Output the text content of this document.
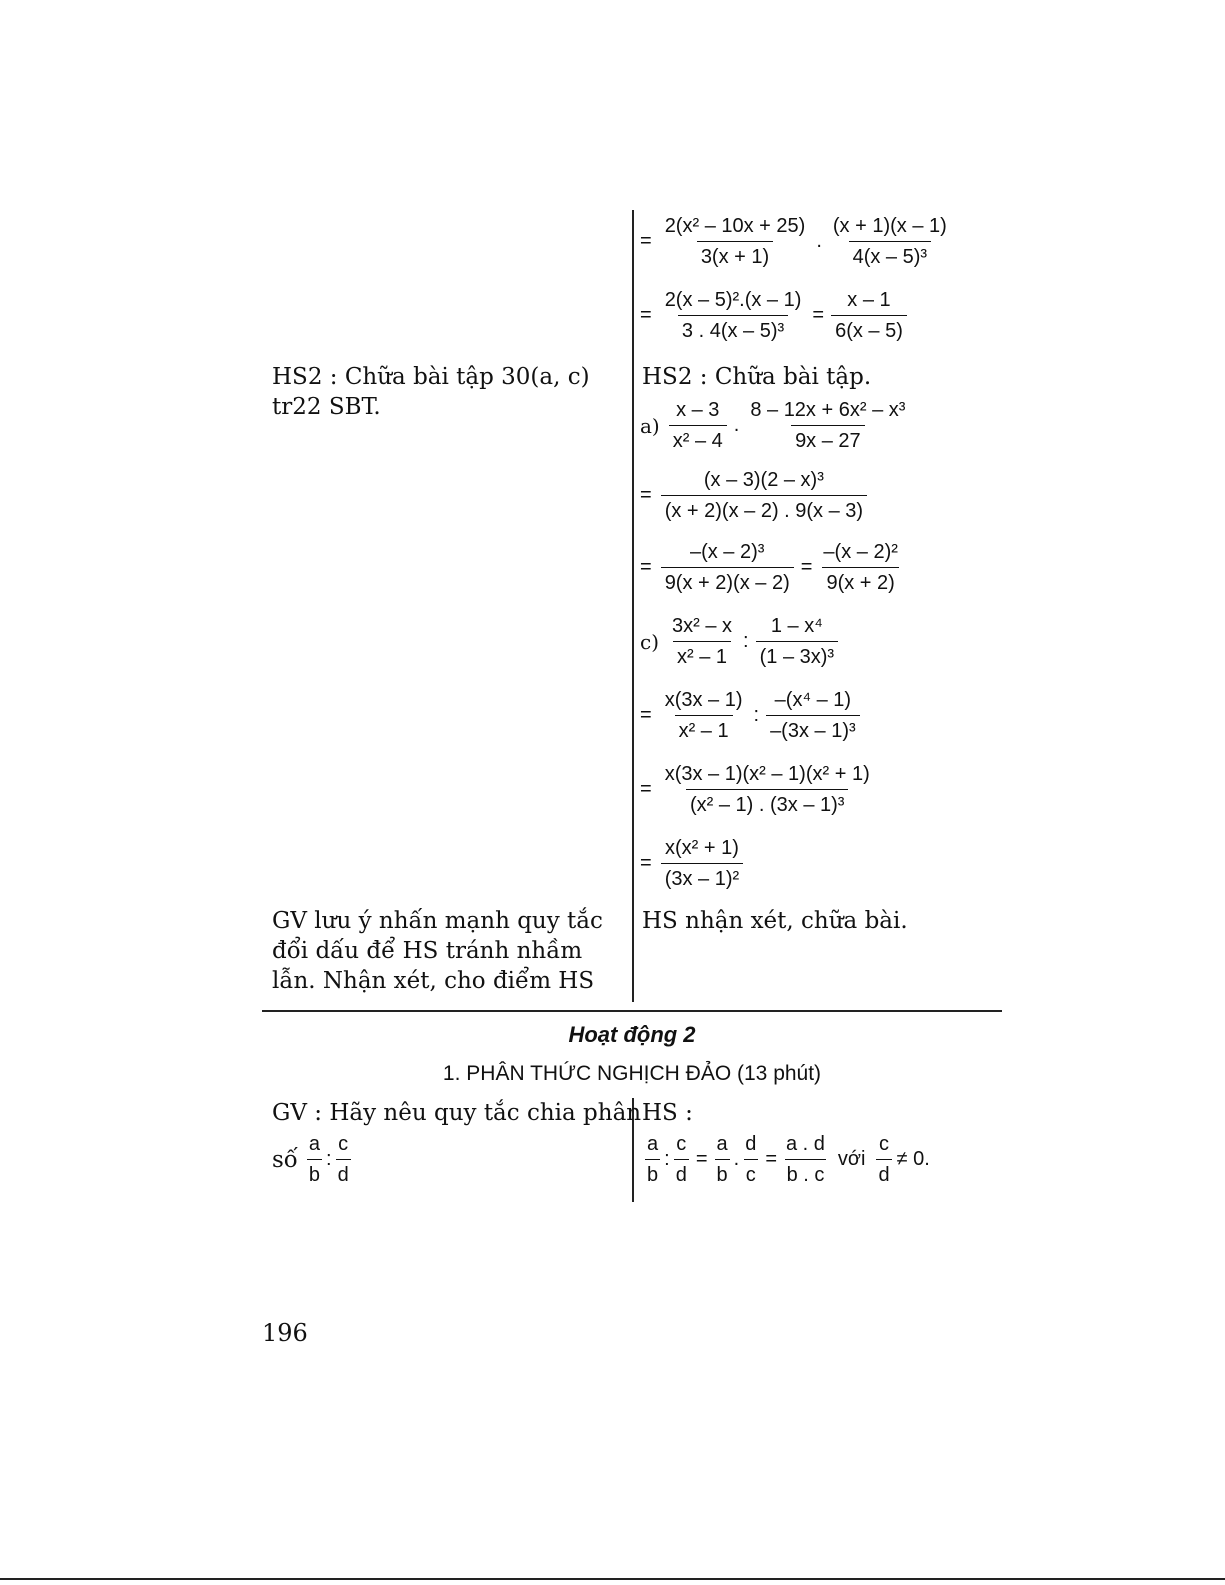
HS2 : Chữa bài tập 30(a, c) tr22 SBT.
GV lưu ý nhấn mạnh quy tắc đổi dấu để HS tránh nhầm lẫn. Nhận xét, cho điểm HS
= $\frac{\text{2(x² – 10x + 25)}}{3(x + 1)}$ . $\frac{(x + 1)(x - 1)}{\text{4(x – 5)³}}$
= $\frac{\text{2(x – 5)².(x – 1)}}{\text{3 . 4(x – 5)³}} = \frac{x - 1}{6(x - 5)}$
HS2 : Chữa bài tập.
$a) \frac{x - 3}{\text{x² – 4}}$ . $\frac{\text{8 – 12x + 6x² – x³}}{9x - 27}$
= $\frac{\text{(x – 3)(2 – x)³}}{(x + 2)(x - 2) . 9(x - 3)}$
= $\frac{\text{–(x – 2)³}}{9(x + 2)(x - 2)} = \frac{\text{–(x – 2)²}}{9(x + 2)}$
$c) \frac{\text{3x² – x}}{\text{x² – 1}}$ : $\frac{\text{1 – x⁴}}{\text{(1 – 3x)³}}$
= $\frac{x(3x - 1)}{\text{x² – 1}}$ : $\frac{\text{–(x⁴ – 1)}}{\text{–(3x – 1)³}}$
= $\frac{\text{x(3x – 1)(x² – 1)(x² + 1)}}{\text{(x² – 1) . (3x – 1)³}}$
= $\frac{\text{x(x² + 1)}}{\text{(3x – 1)²}}$
HS nhận xét, chữa bài.
Hoạt động 2
1. PHÂN THỨC NGHỊCH ĐẢO (13 phút)
GV : Hãy nêu quy tắc chia phân
số $\frac{a}{b}$ : $\frac{c}{d}$
HS :
$\frac{a}{b}$ : $\frac{c}{d} = \frac{a}{b}$ . $\frac{d}{c} = \frac{a . d}{b . c}$ với $\frac{c}{d} \ne 0$.
196
